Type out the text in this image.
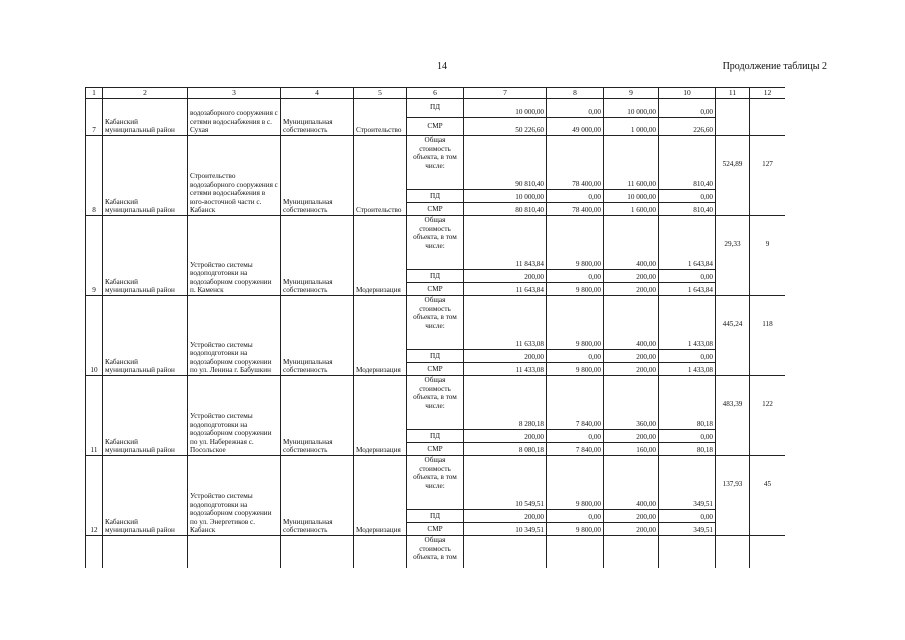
14	Продолжение таблицы 2
1	2	3	4	5	6	7	8	9	10	11	12
7	Кабанский муниципальный район	водозаборного сооружения с сетями водоснабжения в с. Сухая	Муниципальная собственность	Строительство	ПД	10 000,00	0,00	10 000,00	0,00		
					СМР	50 226,60	49 000,00	1 000,00	226,60		
8	Кабанский муниципальный район	Строительство водозаборного сооружения с сетями водоснабжения в юго-восточной части с. Кабанск	Муниципальная собственность	Строительство	Общая стоимость объекта, в том числе:	90 810,40	78 400,00	11 600,00	810,40	524,89	127
					ПД	10 000,00	0,00	10 000,00	0,00		
					СМР	80 810,40	78 400,00	1 600,00	810,40		
9	Кабанский муниципальный район	Устройство системы водоподготовки на водозаборном сооружении п. Каменск	Муниципальная собственность	Модернизация	Общая стоимость объекта, в том числе:	11 843,84	9 800,00	400,00	1 643,84	29,33	9
					ПД	200,00	0,00	200,00	0,00		
					СМР	11 643,84	9 800,00	200,00	1 643,84		
10	Кабанский муниципальный район	Устройство системы водоподготовки на водозаборном сооружении по ул. Ленина г. Бабушкин	Муниципальная собственность	Модернизация	Общая стоимость объекта, в том числе:	11 633,08	9 800,00	400,00	1 433,08	445,24	118
					ПД	200,00	0,00	200,00	0,00		
					СМР	11 433,08	9 800,00	200,00	1 433,08		
11	Кабанский муниципальный район	Устройство системы водоподготовки на водозаборном сооружении по ул. Набережная с. Посольское	Муниципальная собственность	Модернизация	Общая стоимость объекта, в том числе:	8 280,18	7 840,00	360,00	80,18	483,39	122
					ПД	200,00	0,00	200,00	0,00		
					СМР	8 080,18	7 840,00	160,00	80,18		
12	Кабанский муниципальный район	Устройство системы водоподготовки на водозаборном сооружении по ул. Энергетиков с. Кабанск	Муниципальная собственность	Модернизация	Общая стоимость объекта, в том числе:	10 549,51	9 800,00	400,00	349,51	137,93	45
					ПД	200,00	0,00	200,00	0,00		
					СМР	10 349,51	9 800,00	200,00	349,51		
					Общая стоимость объекта, в том						
